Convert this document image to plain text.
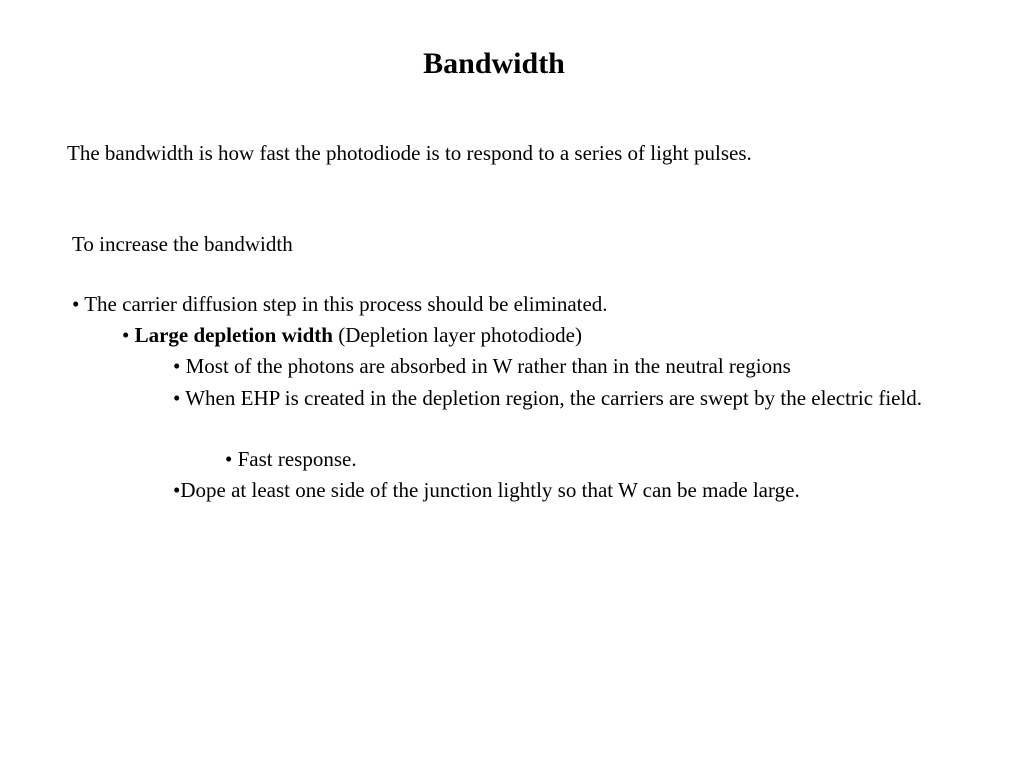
Bandwidth
The bandwidth is how fast the photodiode is to respond to a series of light pulses.
To increase the bandwidth
• The carrier diffusion step in this process should be eliminated.
• Large depletion width (Depletion layer photodiode)
• Most of the photons are absorbed in W rather than in the neutral regions
• When EHP is created in the depletion region, the carriers are swept by the electric field.
• Fast response.
•Dope at least one side of the junction lightly so that W can be made large.
